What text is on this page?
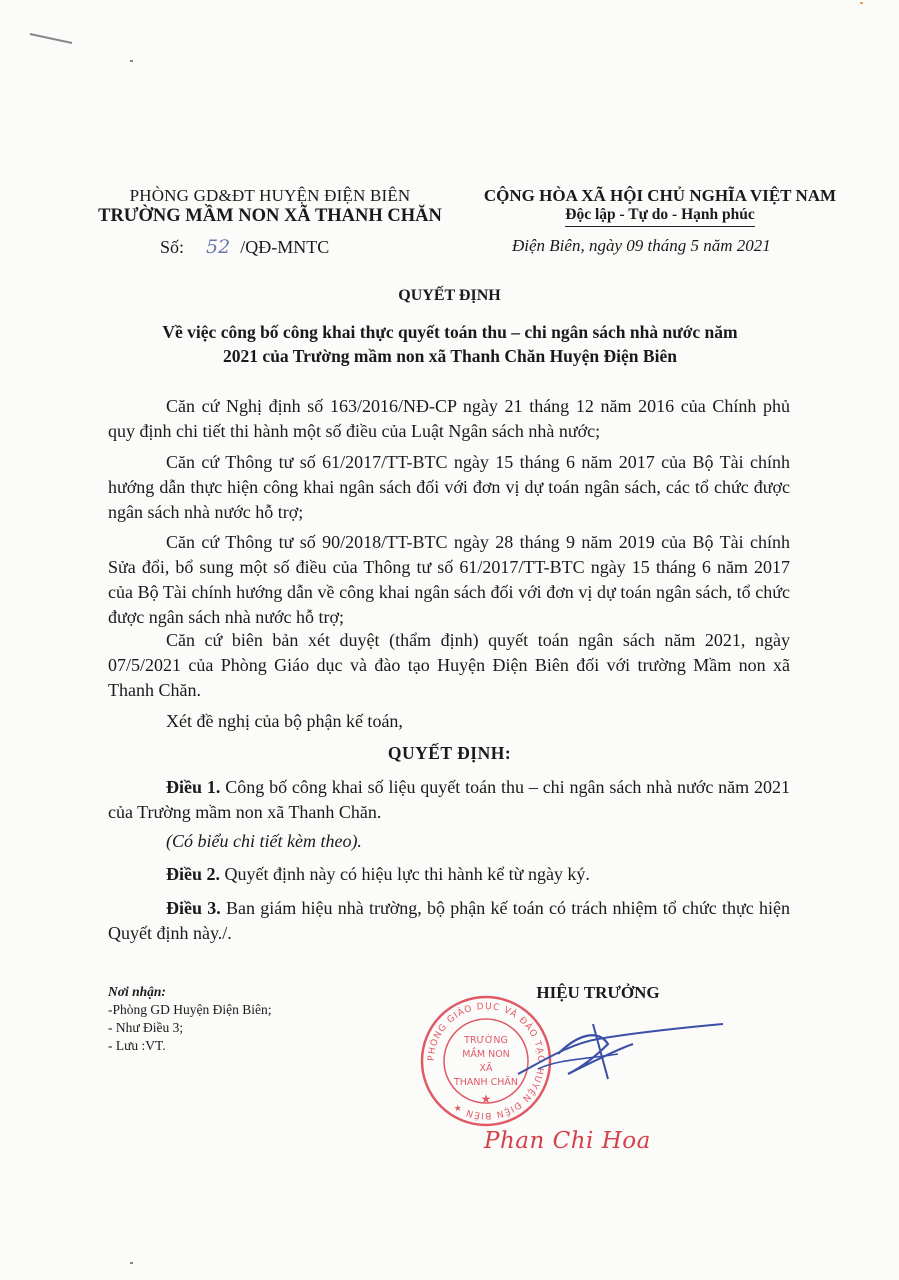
PHÒNG GD&ĐT HUYỆN ĐIỆN BIÊN
TRƯỜNG MẦM NON XÃ THANH CHĂN
Số: 52 /QĐ-MNTC
CỘNG HÒA XÃ HỘI CHỦ NGHĨA VIỆT NAM
Độc lập - Tự do - Hạnh phúc
Điện Biên, ngày 09 tháng 5 năm 2021
QUYẾT ĐỊNH
Về việc công bố công khai thực quyết toán thu – chi ngân sách nhà nước năm
2021 của Trường mầm non xã Thanh Chăn Huyện Điện Biên
Căn cứ Nghị định số 163/2016/NĐ-CP ngày 21 tháng 12 năm 2016 của Chính phủ quy định chi tiết thi hành một số điều của Luật Ngân sách nhà nước;
Căn cứ Thông tư số 61/2017/TT-BTC ngày 15 tháng 6 năm 2017 của Bộ Tài chính hướng dẫn thực hiện công khai ngân sách đối với đơn vị dự toán ngân sách, các tổ chức được ngân sách nhà nước hỗ trợ;
Căn cứ Thông tư số 90/2018/TT-BTC ngày 28 tháng 9 năm 2019 của Bộ Tài chính Sửa đổi, bổ sung một số điều của Thông tư số 61/2017/TT-BTC ngày 15 tháng 6 năm 2017 của Bộ Tài chính hướng dẫn về công khai ngân sách đối với đơn vị dự toán ngân sách, tổ chức được ngân sách nhà nước hỗ trợ;
Căn cứ biên bản xét duyệt (thẩm định) quyết toán ngân sách năm 2021, ngày 07/5/2021 của Phòng Giáo dục và đào tạo Huyện Điện Biên đối với trường Mầm non xã Thanh Chăn.
Xét đề nghị của bộ phận kế toán,
QUYẾT ĐỊNH:
Điều 1. Công bố công khai số liệu quyết toán thu – chi ngân sách nhà nước năm 2021 của Trường mầm non xã Thanh Chăn.
(Có biểu chi tiết kèm theo).
Điều 2. Quyết định này có hiệu lực thi hành kể từ ngày ký.
Điều 3. Ban giám hiệu nhà trường, bộ phận kế toán có trách nhiệm tổ chức thực hiện Quyết định này./.
Nơi nhận:
-Phòng GD Huyện Điện Biên;
- Như Điều 3;
- Lưu :VT.
HIỆU TRƯỞNG
PHÒNG GIÁO DỤC VÀ ĐÀO TẠO HUYỆN ĐIỆN BIÊN ★
TRƯỜNG
MẦM NON
XÃ
THANH CHĂN
★
Phan Chi Hoa
